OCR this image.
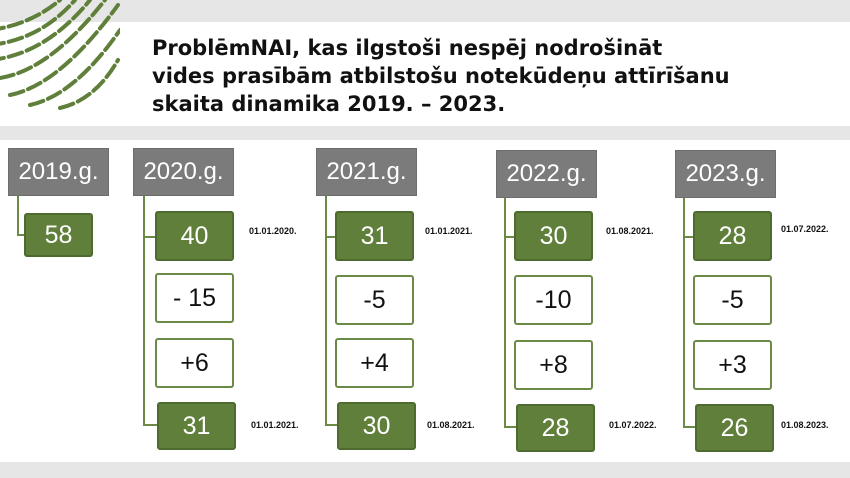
ProblēmNAI, kas ilgstoši nespēj nodrošināt
vides prasībām atbilstošu notekūdeņu attīrīšanu
skaita dinamika 2019. – 2023.
2019.g.
58
2020.g.
40	01.01.2020.
- 15
+6
31	01.01.2021.
2021.g.
31	01.01.2021.
-5
+4
30	01.08.2021.
2022.g.
30	01.08.2021.
-10
+8
28	01.07.2022.
2023.g.
28	01.07.2022.
-5
+3
26	01.08.2023.
